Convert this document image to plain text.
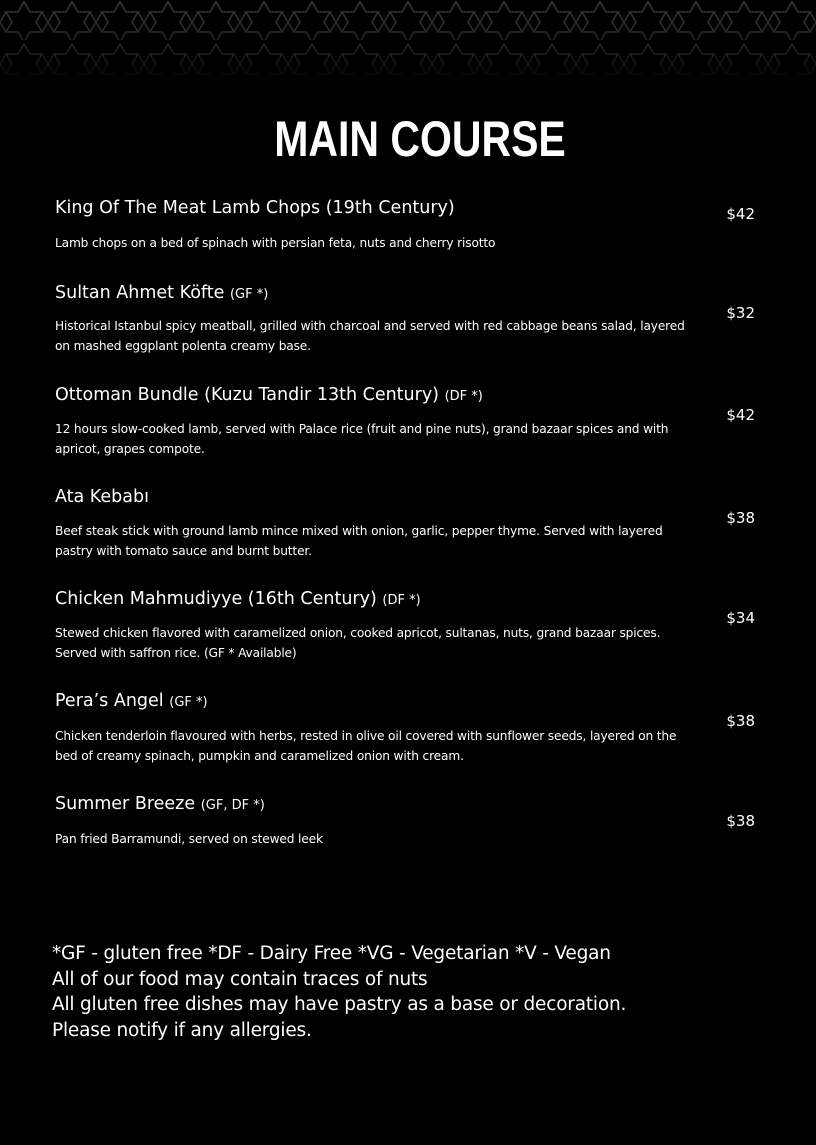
MAIN COURSE
King Of The Meat Lamb Chops (19th Century)
Lamb chops on a bed of spinach with persian feta, nuts and cherry risotto
$42
Sultan Ahmet Köfte (GF *)
Historical Istanbul spicy meatball, grilled with charcoal and served with red cabbage beans salad, layered on mashed eggplant polenta creamy base.
$32
Ottoman Bundle (Kuzu Tandir 13th Century) (DF *)
12 hours slow-cooked lamb, served with Palace rice (fruit and pine nuts), grand bazaar spices and with apricot, grapes compote.
$42
Ata Kebabı
Beef steak stick with ground lamb mince mixed with onion, garlic, pepper thyme. Served with layered pastry with tomato sauce and burnt butter.
$38
Chicken Mahmudiyye (16th Century) (DF *)
Stewed chicken flavored with caramelized onion, cooked apricot, sultanas, nuts, grand bazaar spices. Served with saffron rice. (GF * Available)
$34
Pera’s Angel (GF *)
Chicken tenderloin flavoured with herbs, rested in olive oil covered with sunflower seeds, layered on the bed of creamy spinach, pumpkin and caramelized onion with cream.
$38
Summer Breeze (GF, DF *)
Pan fried Barramundi, served on stewed leek
$38
*GF - gluten free *DF - Dairy Free *VG - Vegetarian *V - Vegan
All of our food may contain traces of nuts
All gluten free dishes may have pastry as a base or decoration.
Please notify if any allergies.
